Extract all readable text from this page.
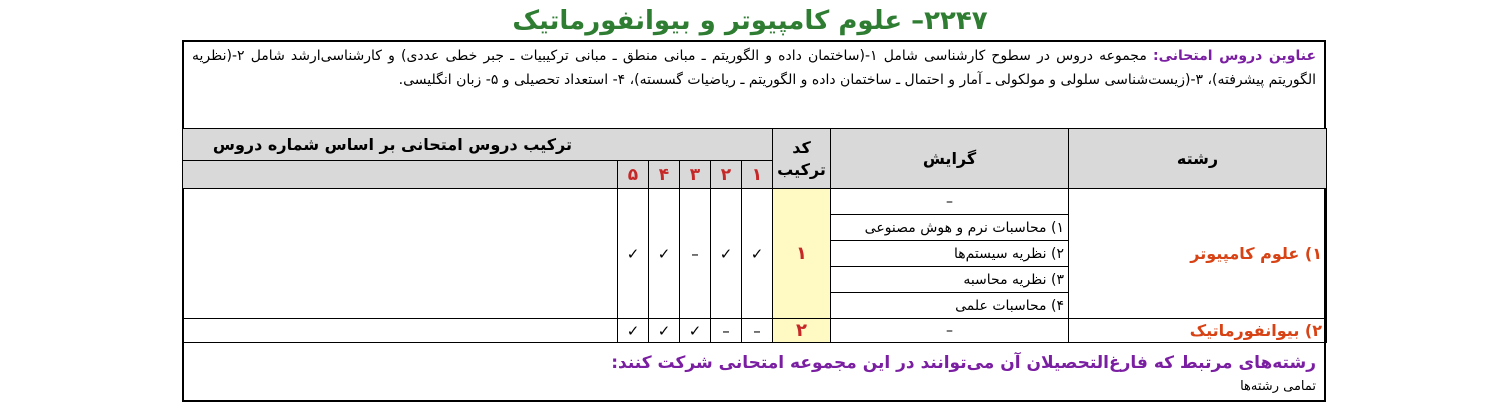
۲۲۴۷– علوم کامپیوتر و بیوانفورماتیک
عناوین دروس امتحانی: مجموعه دروس در سطوح کارشناسی شامل ۱-(ساختمان داده و الگوریتم ـ مبانی منطق ـ مبانی ترکیبیات ـ جبر خطی عددی) و کارشناسی‌ارشد شامل ۲-(نظریه الگوریتم پیشرفته)، ۳-(زیست‌شناسی سلولی و مولکولی ـ آمار و احتمال ـ ساختمان داده و الگوریتم ـ ریاضیات گسسته)، ۴- استعداد تحصیلی و ۵- زبان انگلیسی.
رشته	گرایش	کد ترکیب	ترکیب دروس امتحانی بر اساس شماره دروس					
			۱	۲	۳	۴	۵	
۱) علوم کامپیوتر	–	۱	✓	✓	–	✓	✓	
	۱) محاسبات نرم و هوش مصنوعی							
	۲) نظریه سیستم‌ها							
	۳) نظریه محاسبه							
	۴) محاسبات علمی							
۲) بیوانفورماتیک	–	۲	–	–	✓	✓	✓	
رشته‌های مرتبط که فارغ‌التحصیلان آن می‌توانند در این مجموعه امتحانی شرکت کنند:
تمامی رشته‌ها
